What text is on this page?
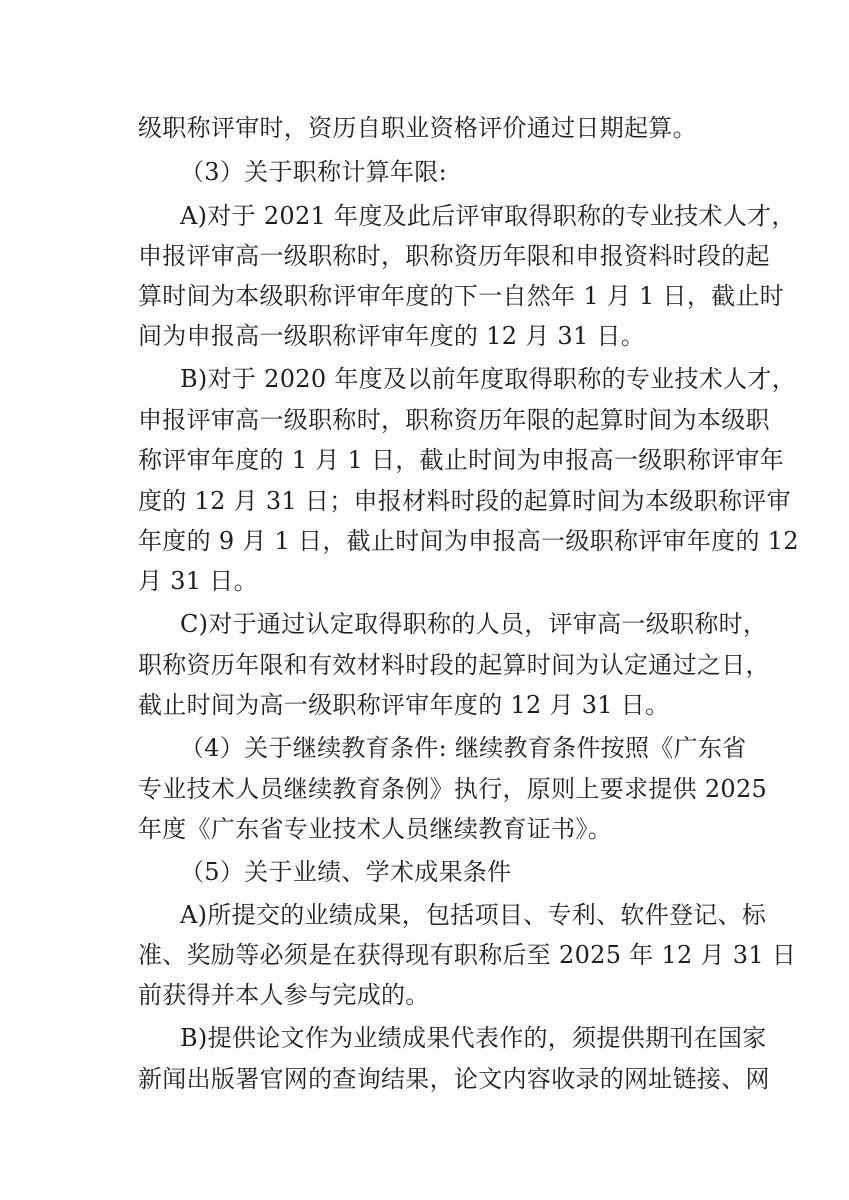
级职称评审时，资历自职业资格评价通过日期起算。
（3）关于职称计算年限:
A)对于 2021 年度及此后评审取得职称的专业技术人才，
申报评审高一级职称时，职称资历年限和申报资料时段的起
算时间为本级职称评审年度的下一自然年 1 月 1 日，截止时
间为申报高一级职称评审年度的 12 月 31 日。
B)对于 2020 年度及以前年度取得职称的专业技术人才，
申报评审高一级职称时，职称资历年限的起算时间为本级职
称评审年度的 1 月 1 日，截止时间为申报高一级职称评审年
度的 12 月 31 日；申报材料时段的起算时间为本级职称评审
年度的 9 月 1 日，截止时间为申报高一级职称评审年度的 12
月 31 日。
C)对于通过认定取得职称的人员，评审高一级职称时，
职称资历年限和有效材料时段的起算时间为认定通过之日，
截止时间为高一级职称评审年度的 12 月 31 日。
（4）关于继续教育条件: 继续教育条件按照《广东省
专业技术人员继续教育条例》执行，原则上要求提供 2025
年度《广东省专业技术人员继续教育证书》。
（5）关于业绩、学术成果条件
A)所提交的业绩成果，包括项目、专利、软件登记、标
准、奖励等必须是在获得现有职称后至 2025 年 12 月 31 日
前获得并本人参与完成的。
B)提供论文作为业绩成果代表作的，须提供期刊在国家
新闻出版署官网的查询结果，论文内容收录的网址链接、网
